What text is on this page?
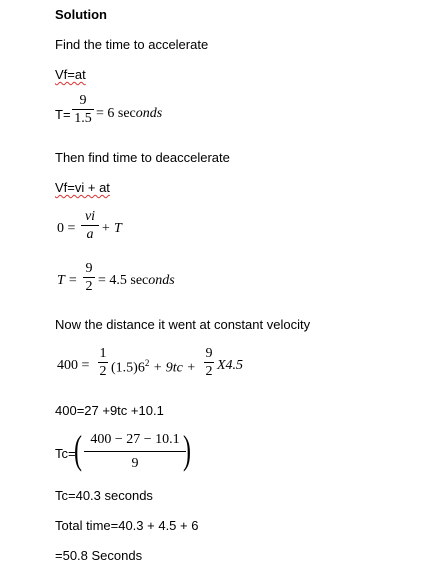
Solution
Find the time to accelerate
Vf=at
T=
9
1.5 = 6 seconds
Then find time to deaccelerate
Vf=vi + at
0 =
vi
a + T
T =
9
2 = 4.5 seconds
Now the distance it went at constant velocity
400 =
1
2 $(1.5)6^2 + 9tc$ +
9
2 X4.5
400=27 +9tc +10.1
Tc=
( 400 − 27 − 10.1
9 )
Tc=40.3 seconds
Total time=40.3 + 4.5 + 6
=50.8 Seconds
